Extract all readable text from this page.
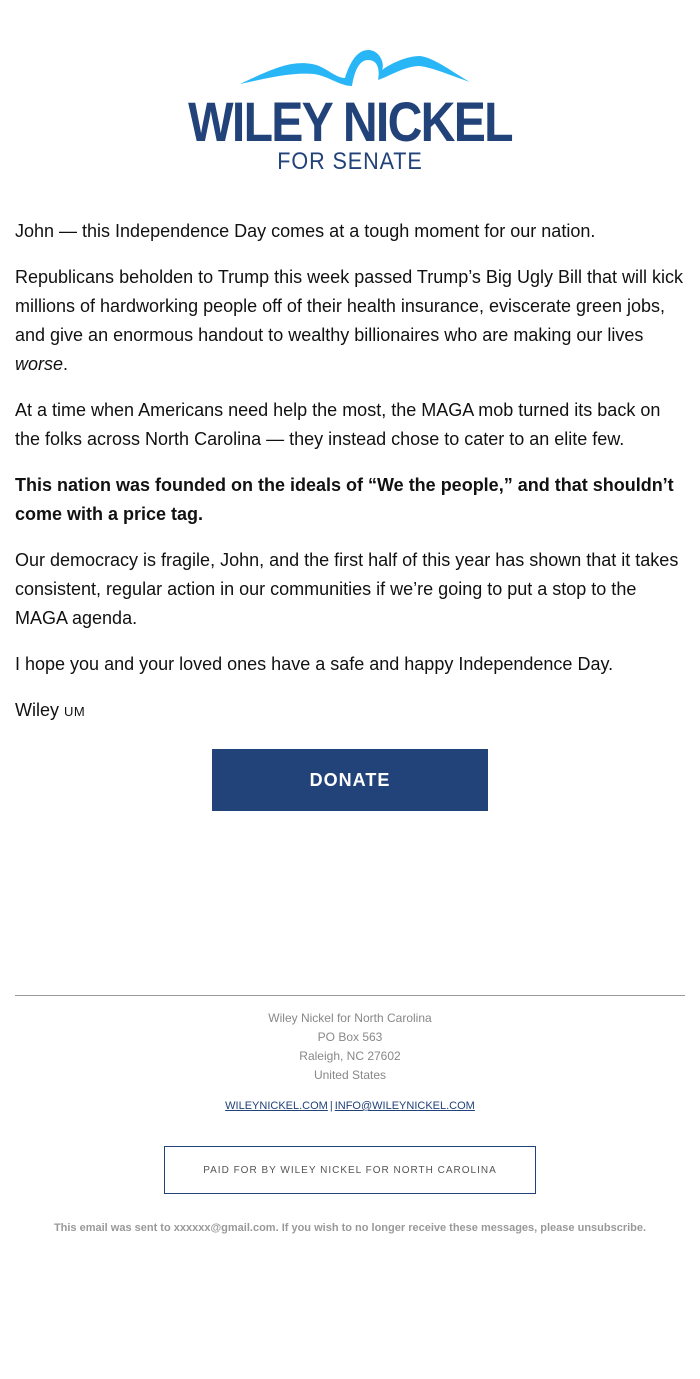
WILEY NICKEL
FOR SENATE

John — this Independence Day comes at a tough moment for our nation.

Republicans beholden to Trump this week passed Trump’s Big Ugly Bill that will kick millions of hardworking people off of their health insurance, eviscerate green jobs, and give an enormous handout to wealthy billionaires who are making our lives worse.

At a time when Americans need help the most, the MAGA mob turned its back on the folks across North Carolina — they instead chose to cater to an elite few.

This nation was founded on the ideals of “We the people,” and that shouldn’t come with a price tag.

Our democracy is fragile, John, and the first half of this year has shown that it takes consistent, regular action in our communities if we’re going to put a stop to the MAGA agenda.

I hope you and your loved ones have a safe and happy Independence Day.

Wiley UM

DONATE
Wiley Nickel for North Carolina
PO Box 563
Raleigh, NC 27602
United States
WILEYNICKEL.COM | INFO@WILEYNICKEL.COM
PAID FOR BY WILEY NICKEL FOR NORTH CAROLINA
This email was sent to xxxxxx@gmail.com. If you wish to no longer receive these messages, please unsubscribe.
